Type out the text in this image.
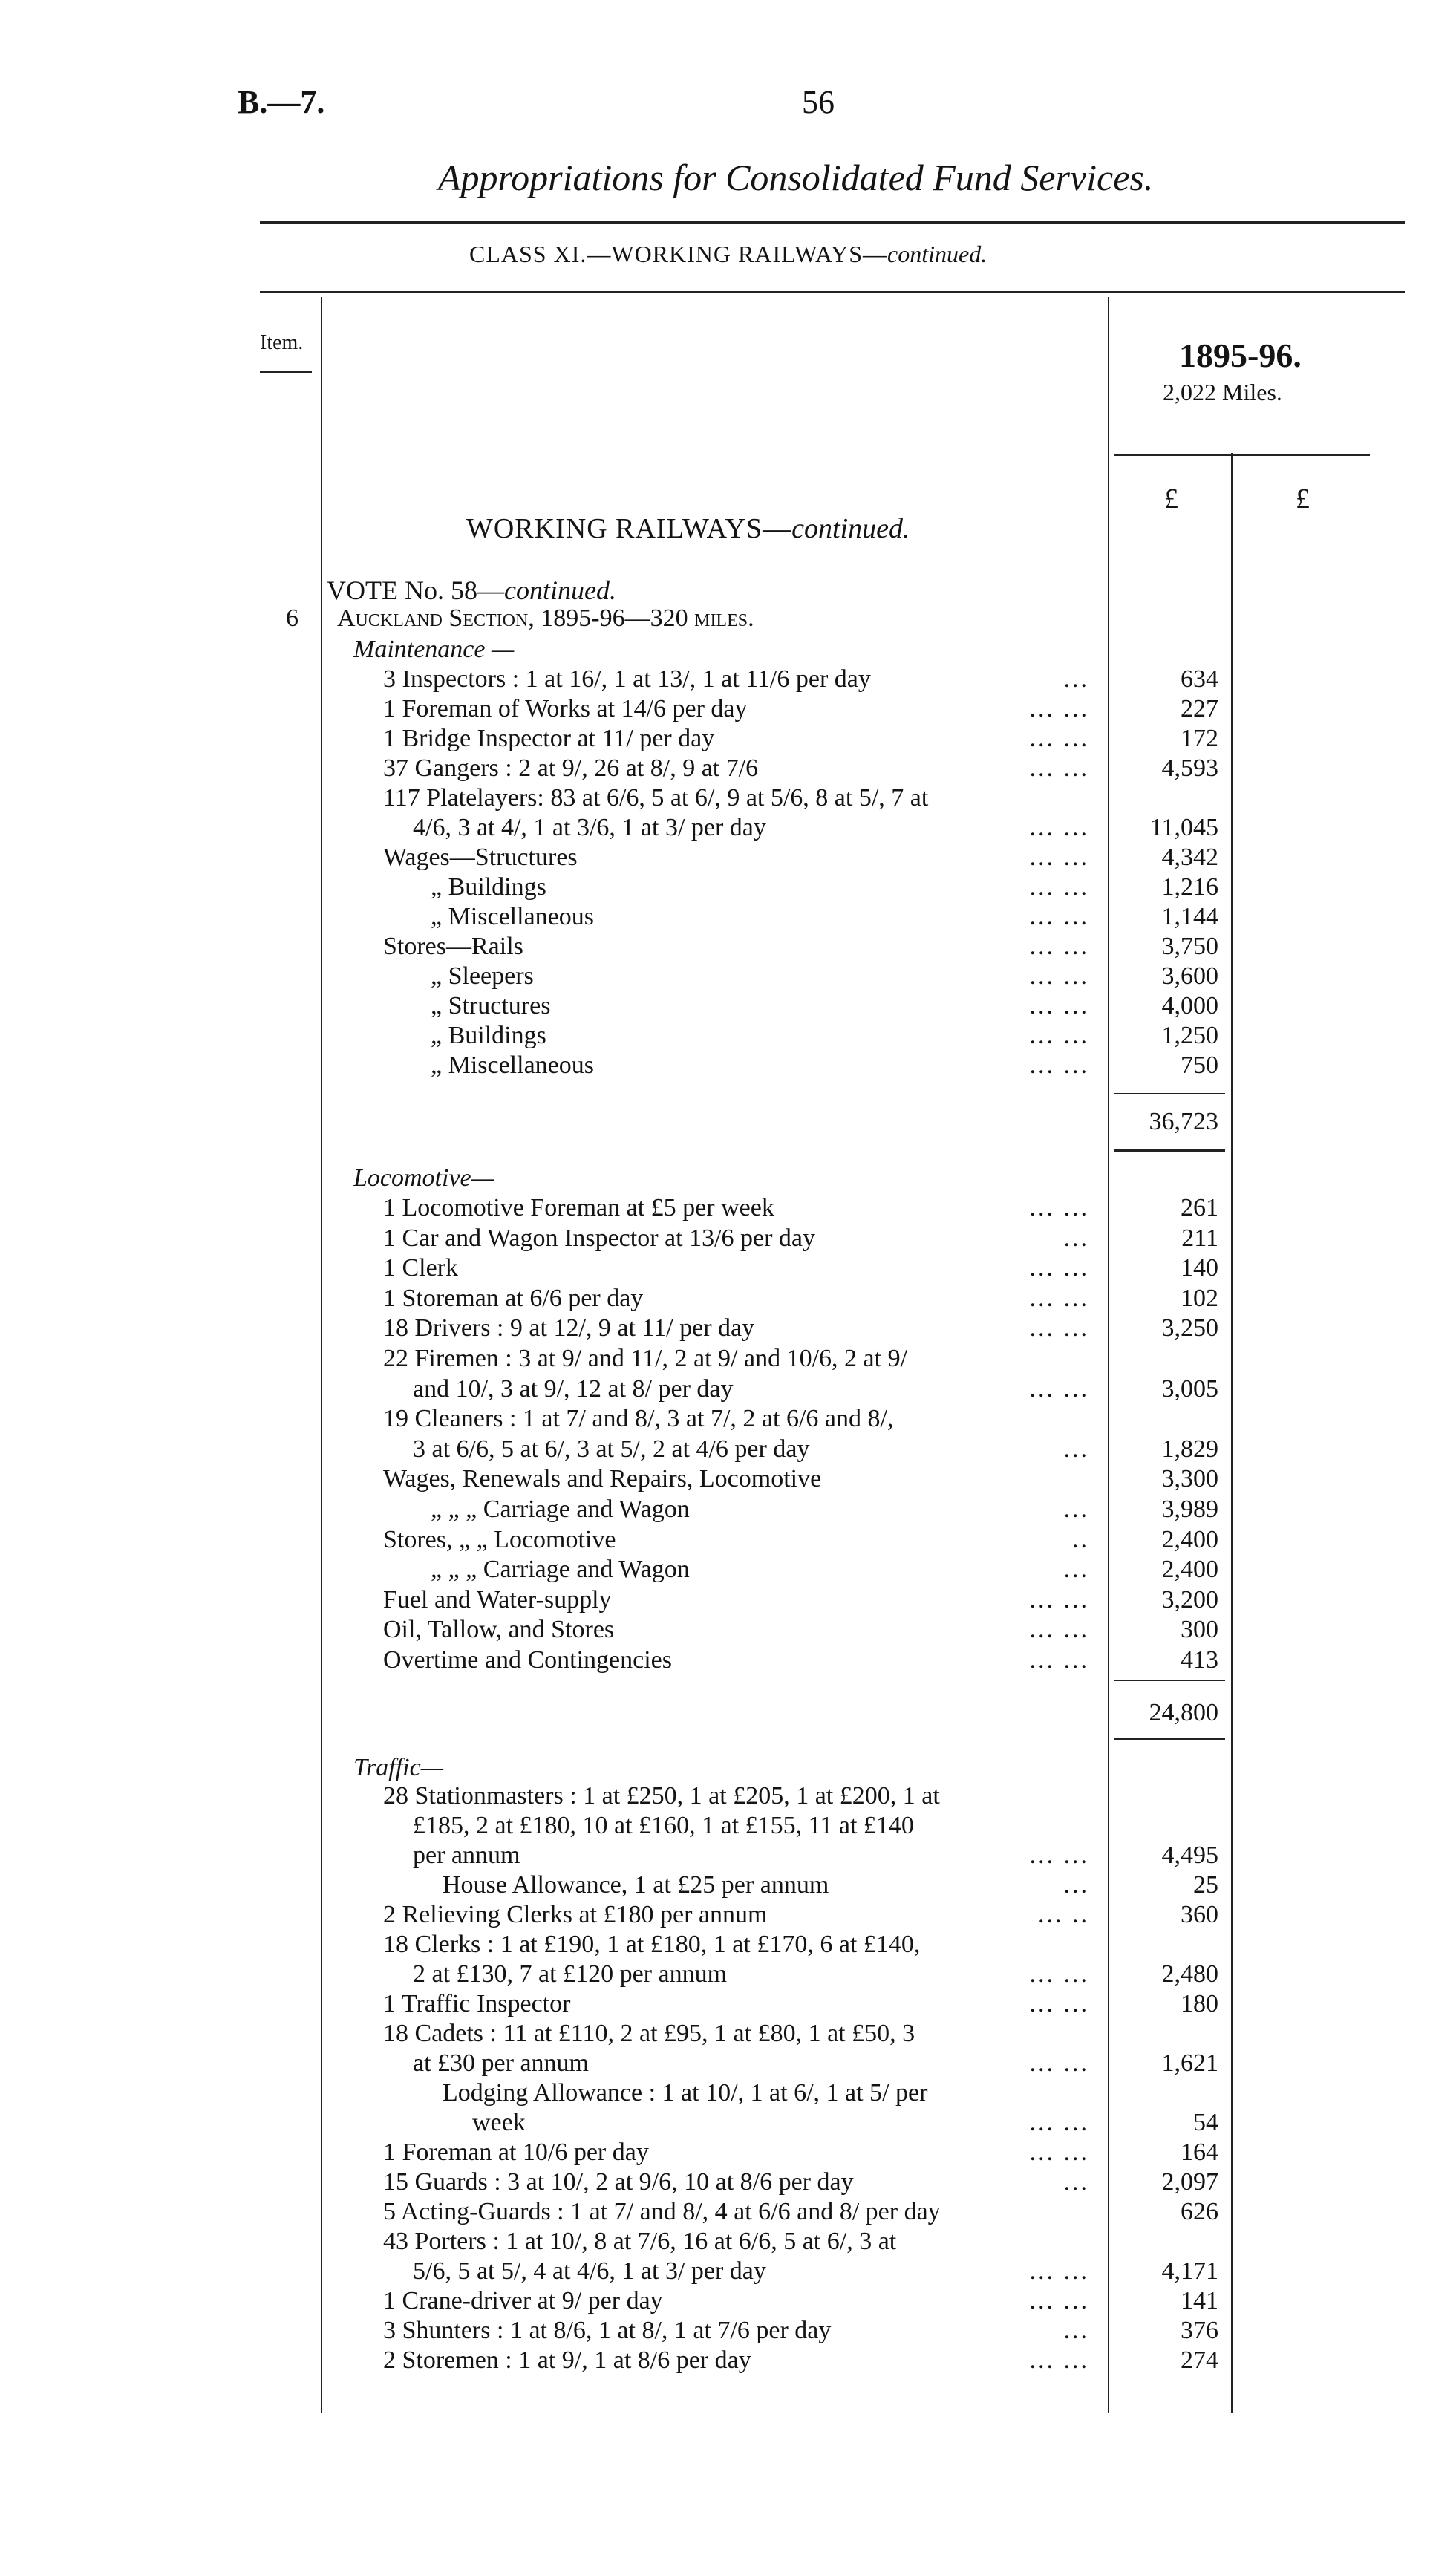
B.—7.	56
Appropriations for Consolidated Fund Services.
CLASS XI.—WORKING RAILWAYS—continued.
Item.	1895-96.
2,022 Miles.
£	£
WORKING RAILWAYS—continued.
VOTE No. 58—continued.
6 Auckland Section, 1895-96—320 miles.
Maintenance —
3 Inspectors : 1 at 16/, 1 at 13/, 1 at 11/6 per day	...	634
1 Foreman of Works at 14/6 per day	... ...	227
1 Bridge Inspector at 11/ per day	... ...	172
37 Gangers : 2 at 9/, 26 at 8/, 9 at 7/6	... ...	4,593
117 Platelayers: 83 at 6/6, 5 at 6/, 9 at 5/6, 8 at 5/, 7 at
4/6, 3 at 4/, 1 at 3/6, 1 at 3/ per day	... ... 11,045
Wages—Structures	... ...	4,342
„ Buildings	... ...	1,216
„ Miscellaneous	... ...	1,144
Stores—Rails	... ...	3,750
„ Sleepers	... ...	3,600
„ Structures	... ...	4,000
„ Buildings	... ...	1,250
„ Miscellaneous	... ...	750
36,723
Locomotive—
1 Locomotive Foreman at £5 per week	... ...	261
1 Car and Wagon Inspector at 13/6 per day	...	211
1 Clerk	... ...	140
1 Storeman at 6/6 per day	... ...	102
18 Drivers : 9 at 12/, 9 at 11/ per day	... ...	3,250
22 Firemen : 3 at 9/ and 11/, 2 at 9/ and 10/6, 2 at 9/
and 10/, 3 at 9/, 12 at 8/ per day	... ...	3,005
19 Cleaners : 1 at 7/ and 8/, 3 at 7/, 2 at 6/6 and 8/,
3 at 6/6, 5 at 6/, 3 at 5/, 2 at 4/6 per day	...	1,829
Wages, Renewals and Repairs, Locomotive	3,300
„ „ „ Carriage and Wagon	...	3,989
Stores, „ „ Locomotive	..	2,400
„ „ „ Carriage and Wagon	...	2,400
Fuel and Water-supply	... ...	3,200
Oil, Tallow, and Stores	... ...	300
Overtime and Contingencies	... ...	413
24,800
Traffic—
28 Stationmasters : 1 at £250, 1 at £205, 1 at £200, 1 at
£185, 2 at £180, 10 at £160, 1 at £155, 11 at £140
per annum	... ...	4,495
House Allowance, 1 at £25 per annum	...	25
2 Relieving Clerks at £180 per annum	... ..	360
18 Clerks : 1 at £190, 1 at £180, 1 at £170, 6 at £140,
2 at £130, 7 at £120 per annum	... ...	2,480
1 Traffic Inspector	... ...	180
18 Cadets : 11 at £110, 2 at £95, 1 at £80, 1 at £50, 3
at £30 per annum	... ...	1,621
Lodging Allowance : 1 at 10/, 1 at 6/, 1 at 5/ per
week	... ...	54
1 Foreman at 10/6 per day	... ...	164
15 Guards : 3 at 10/, 2 at 9/6, 10 at 8/6 per day	...	2,097
5 Acting-Guards : 1 at 7/ and 8/, 4 at 6/6 and 8/ per day	626
43 Porters : 1 at 10/, 8 at 7/6, 16 at 6/6, 5 at 6/, 3 at
5/6, 5 at 5/, 4 at 4/6, 1 at 3/ per day	... ...	4,171
1 Crane-driver at 9/ per day	... ...	141
3 Shunters : 1 at 8/6, 1 at 8/, 1 at 7/6 per day	...	376
2 Storemen : 1 at 9/, 1 at 8/6 per day	... ...	274
